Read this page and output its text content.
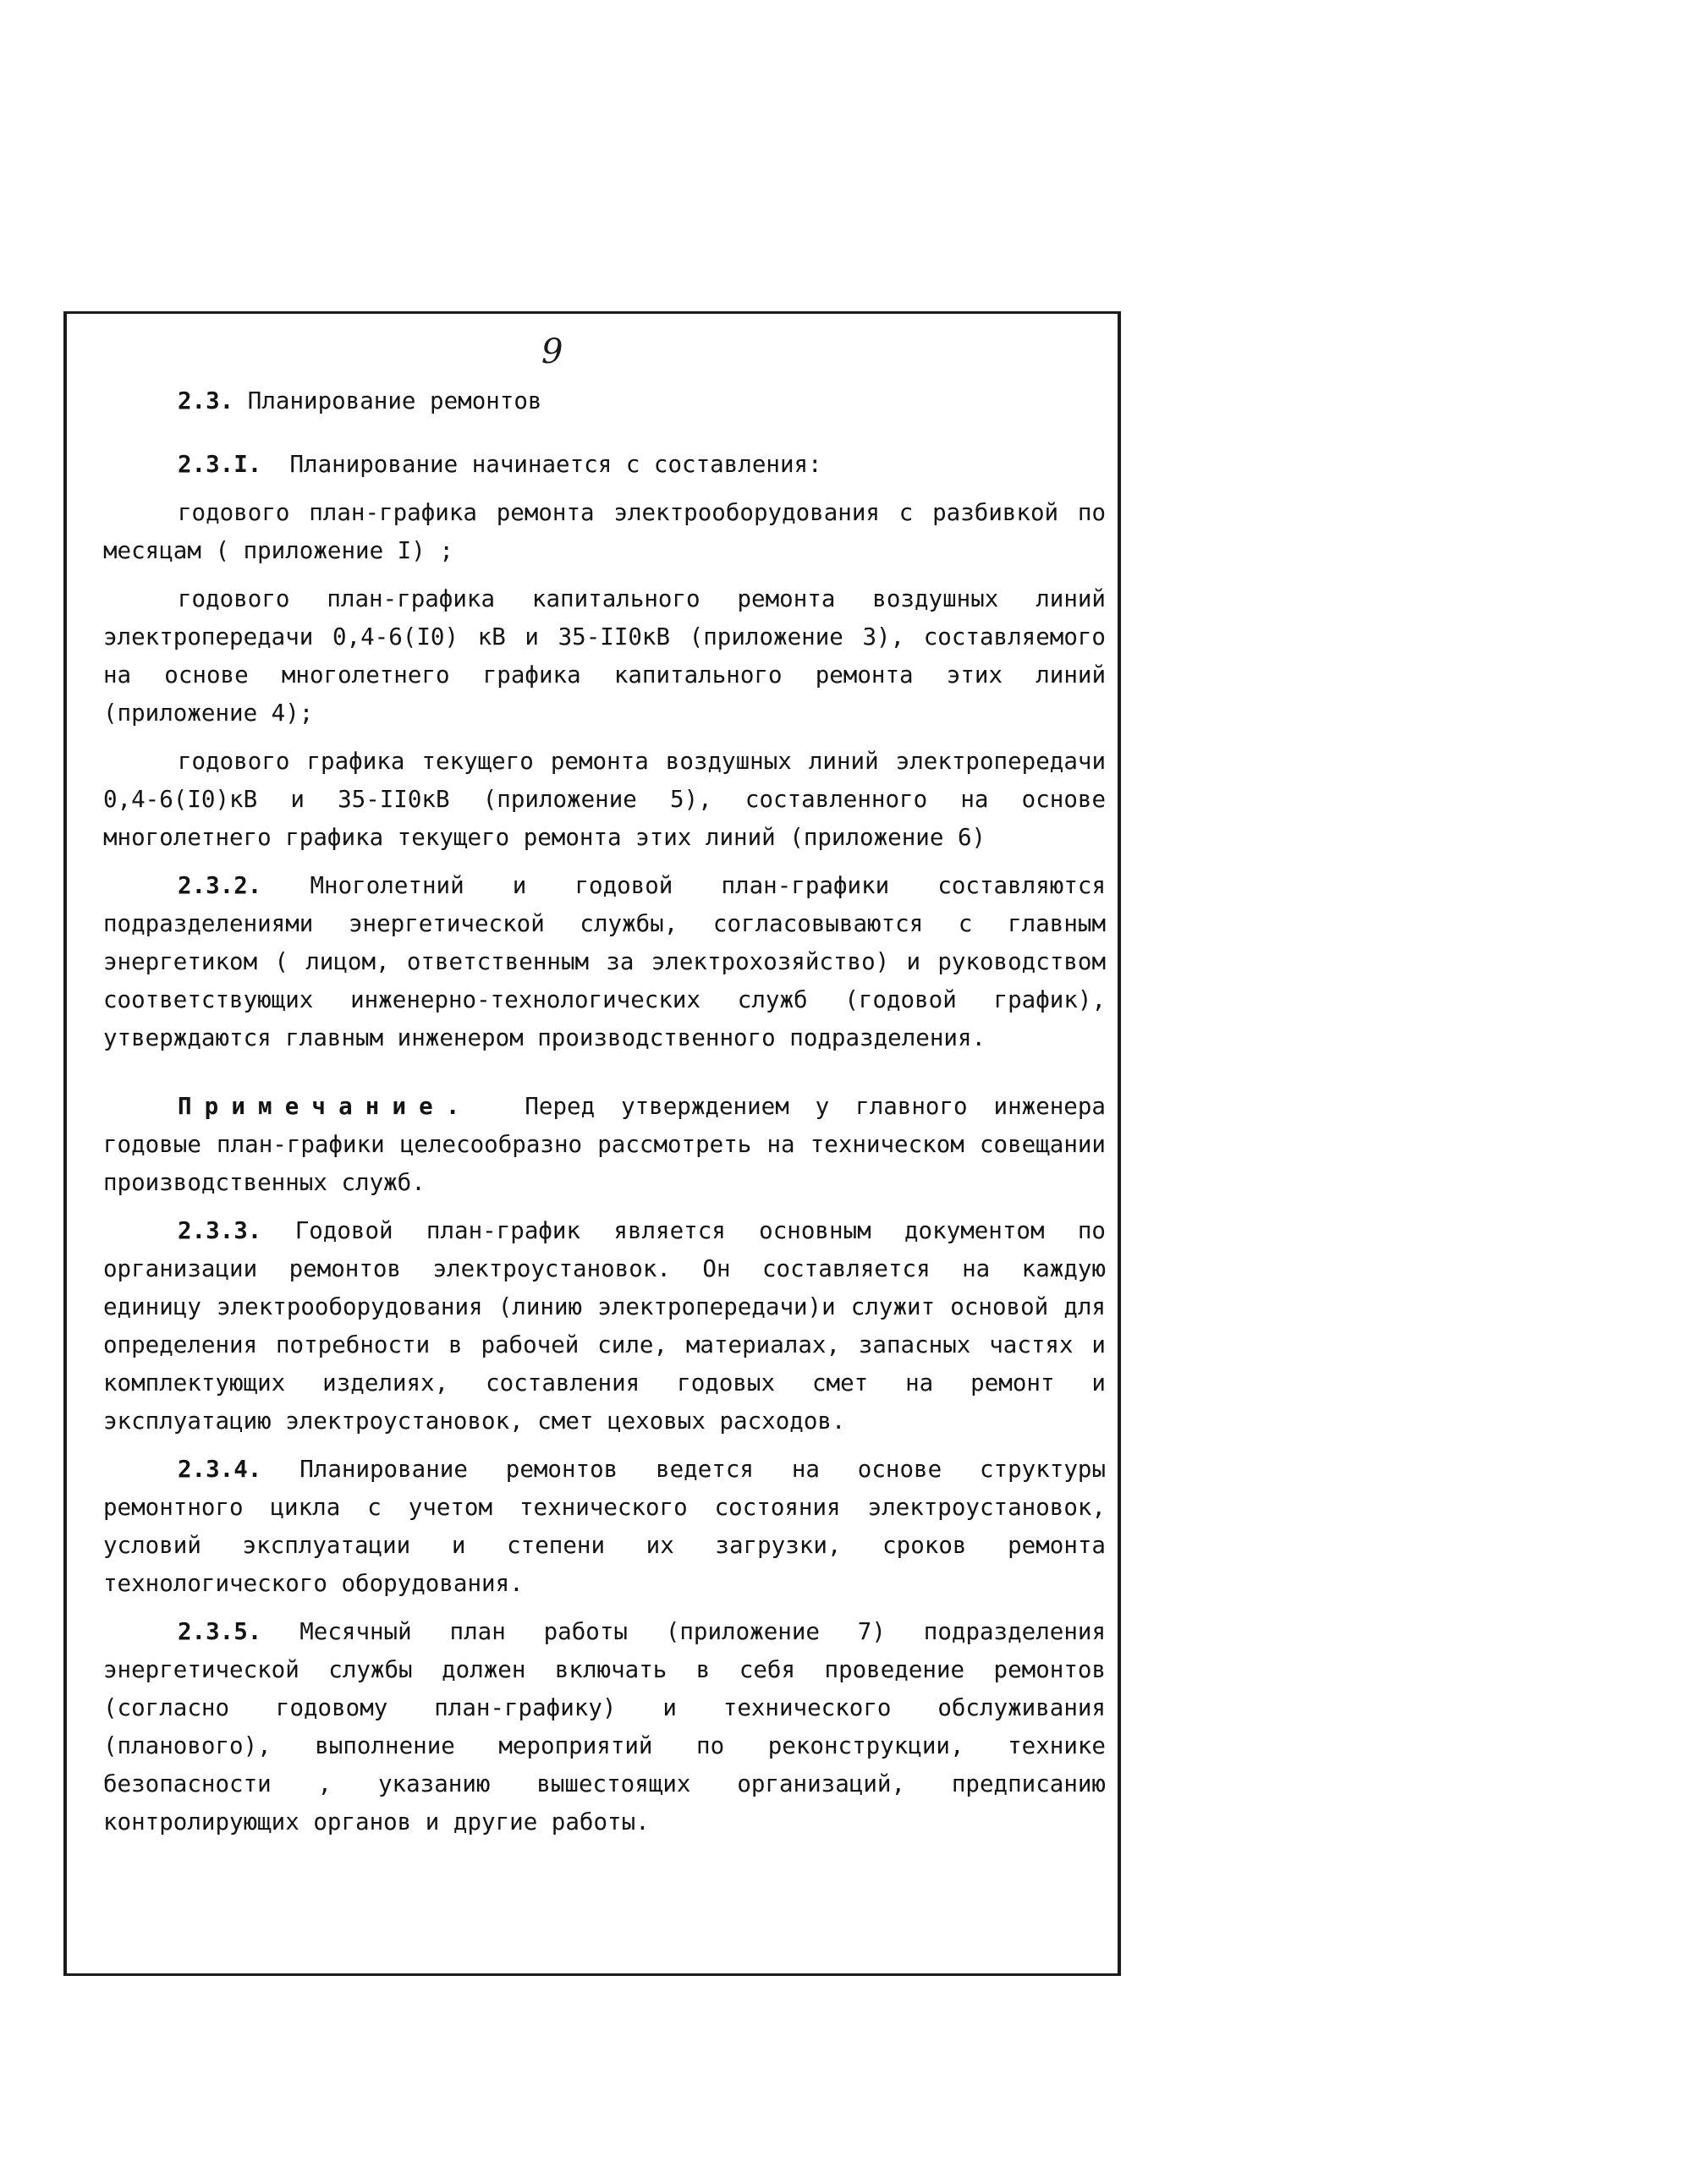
9
2.3. Планирование ремонтов

2.3.I. Планирование начинается с составления:

годового план-графика ремонта электрооборудования с разбивкой по месяцам ( приложение I) ;

годового план-графика капитального ремонта воздушных линий электропередачи 0,4-6(I0) кВ и 35-II0кВ (приложение 3), составляемого на основе многолетнего графика капитального ремонта этих линий (приложение 4);

годового графика текущего ремонта воздушных линий электропередачи 0,4-6(I0)кВ и 35-II0кВ (приложение 5), составленного на основе многолетнего графика текущего ремонта этих линий (приложение 6)

2.3.2. Многолетний и годовой план-графики составляются подразделениями энергетической службы, согласовываются с главным энергетиком ( лицом, ответственным за электрохозяйство) и руководством соответствующих инженерно-технологических служб (годовой график), утверждаются главным инженером производственного подразделения.

Примечание. Перед утверждением у главного инженера годовые план-графики целесообразно рассмотреть на техническом совещании производственных служб.

2.3.3. Годовой план-график является основным документом по организации ремонтов электроустановок. Он составляется на каждую единицу электрооборудования (линию электропередачи)и служит основой для определения потребности в рабочей силе, материалах, запасных частях и комплектующих изделиях, составления годовых смет на ремонт и эксплуатацию электроустановок, смет цеховых расходов.

2.3.4. Планирование ремонтов ведется на основе структуры ремонтного цикла с учетом технического состояния электроустановок, условий эксплуатации и степени их загрузки, сроков ремонта технологического оборудования.

2.3.5. Месячный план работы (приложение 7) подразделения энергетической службы должен включать в себя проведение ремонтов (согласно годовому план-графику) и технического обслуживания (планового), выполнение мероприятий по реконструкции, технике безопасности , указанию вышестоящих организаций, предписанию контролирующих органов и другие работы.
